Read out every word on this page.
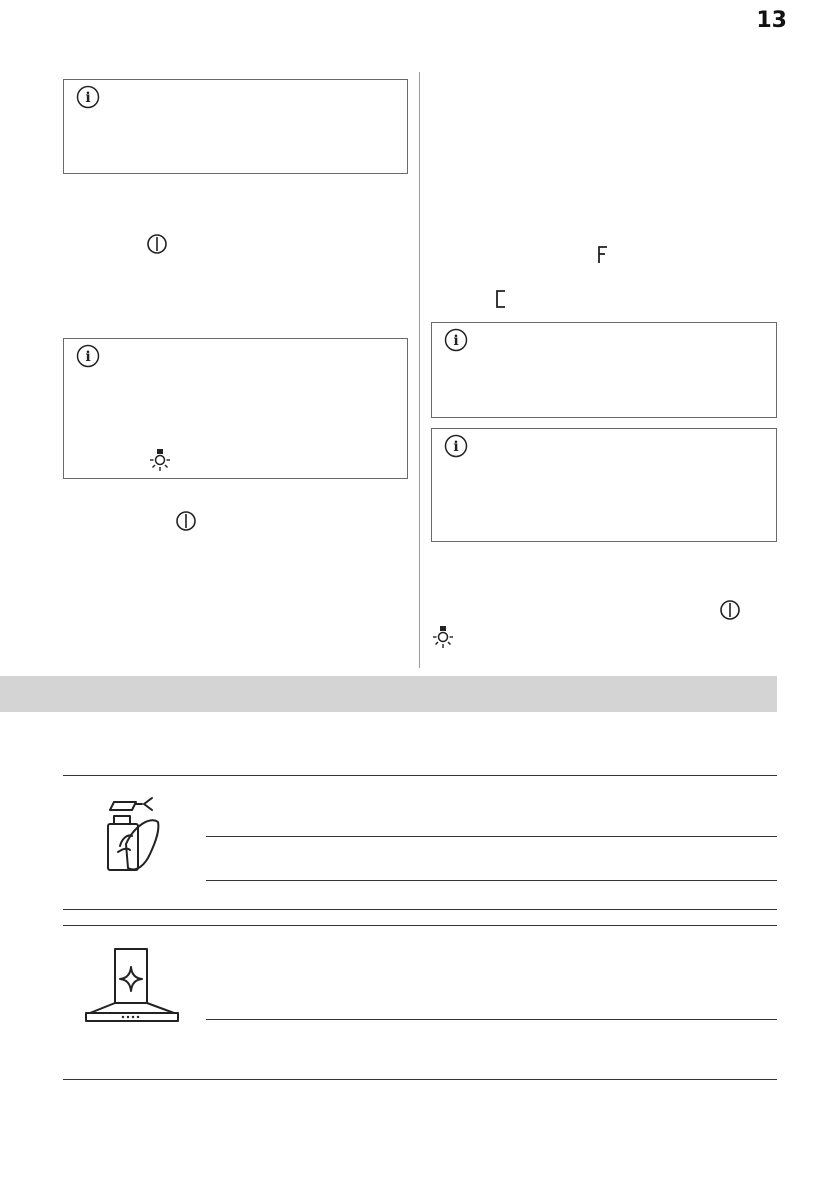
13
i
i
i
i
